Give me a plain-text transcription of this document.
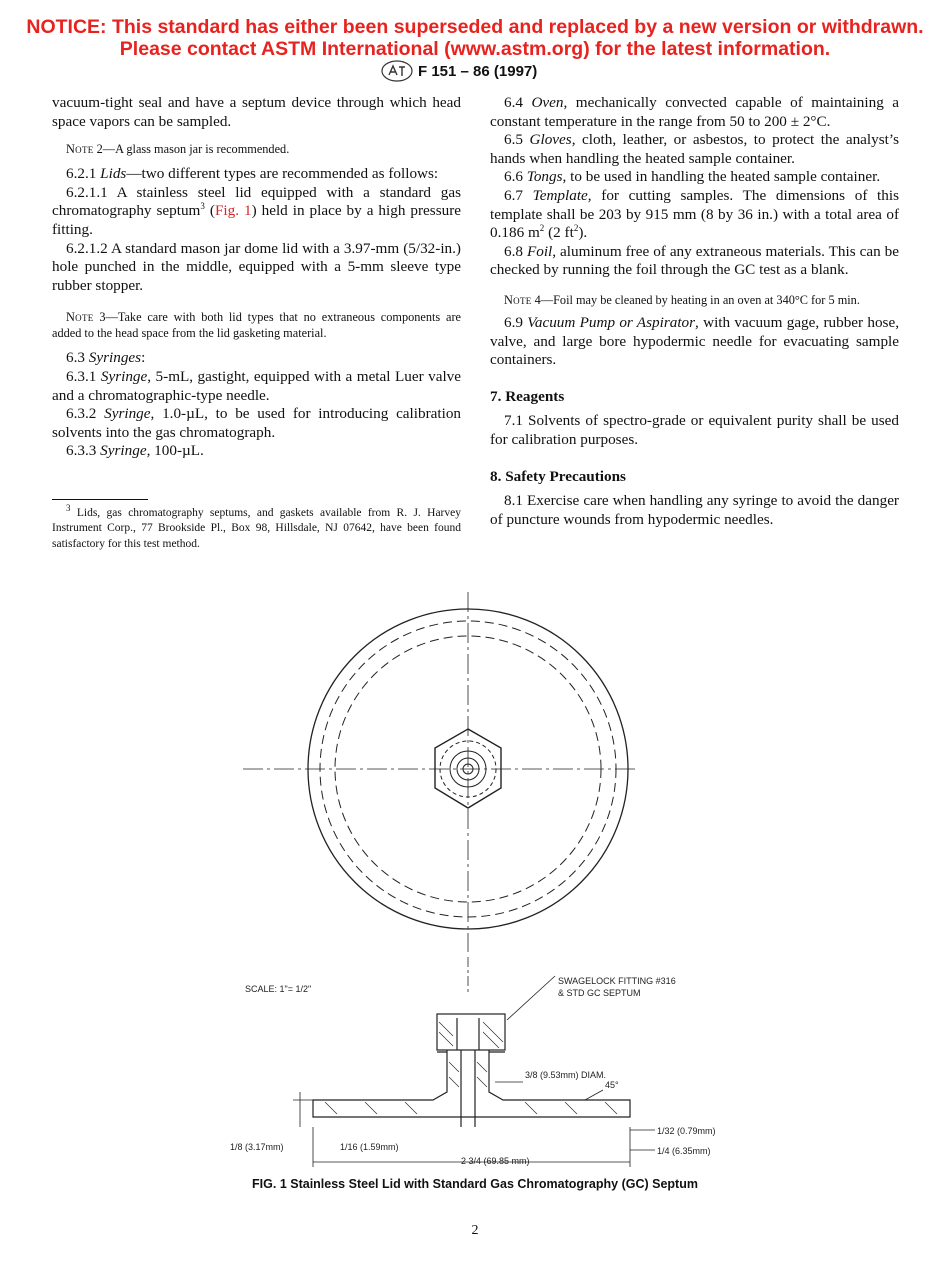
NOTICE: This standard has either been superseded and replaced by a new version or withdrawn.
Please contact ASTM International (www.astm.org) for the latest information.
F 151 – 86 (1997)

vacuum-tight seal and have a septum device through which head space vapors can be sampled.

Note 2—A glass mason jar is recommended.

6.2.1 Lids—two different types are recommended as follows:

6.2.1.1 A stainless steel lid equipped with a standard gas chromatography septum$^3$ (Fig. 1) held in place by a high pressure fitting.

6.2.1.2 A standard mason jar dome lid with a 3.97-mm (5/32-in.) hole punched in the middle, equipped with a 5-mm sleeve type rubber stopper.

Note 3—Take care with both lid types that no extraneous components are added to the head space from the lid gasketing material.

6.3 Syringes:

6.3.1 Syringe, 5-mL, gastight, equipped with a metal Luer valve and a chromatographic-type needle.

6.3.2 Syringe, 1.0-µL, to be used for introducing calibration solvents into the gas chromatograph.

6.3.3 Syringe, 100-µL.

$^3$ Lids, gas chromatography septums, and gaskets available from R. J. Harvey Instrument Corp., 77 Brookside Pl., Box 98, Hillsdale, NJ 07642, have been found satisfactory for this test method.

6.4 Oven, mechanically convected capable of maintaining a constant temperature in the range from 50 to 200 ± 2°C.

6.5 Gloves, cloth, leather, or asbestos, to protect the analyst’s hands when handling the heated sample container.

6.6 Tongs, to be used in handling the heated sample container.

6.7 Template, for cutting samples. The dimensions of this template shall be 203 by 915 mm (8 by 36 in.) with a total area of 0.186 $m^2$ (2 $ft^2$).

6.8 Foil, aluminum free of any extraneous materials. This can be checked by running the foil through the GC test as a blank.

Note 4—Foil may be cleaned by heating in an oven at 340°C for 5 min.

6.9 Vacuum Pump or Aspirator, with vacuum gage, rubber hose, valve, and large bore hypodermic needle for evacuating sample containers.

7. Reagents

7.1 Solvents of spectro-grade or equivalent purity shall be used for calibration purposes.

8. Safety Precautions

8.1 Exercise care when handling any syringe to avoid the danger of puncture wounds from hypodermic needles.

SCALE: 1"= 1/2"
SWAGELOCK FITTING #316
& STD GC SEPTUM
3/8 (9.53mm) DIAM.
45°
1/8 (3.17mm)	1/16 (1.59mm)
2 3/4 (69.85 mm)
1/32 (0.79mm)
1/4 (6.35mm)
FIG. 1 Stainless Steel Lid with Standard Gas Chromatography (GC) Septum
2
